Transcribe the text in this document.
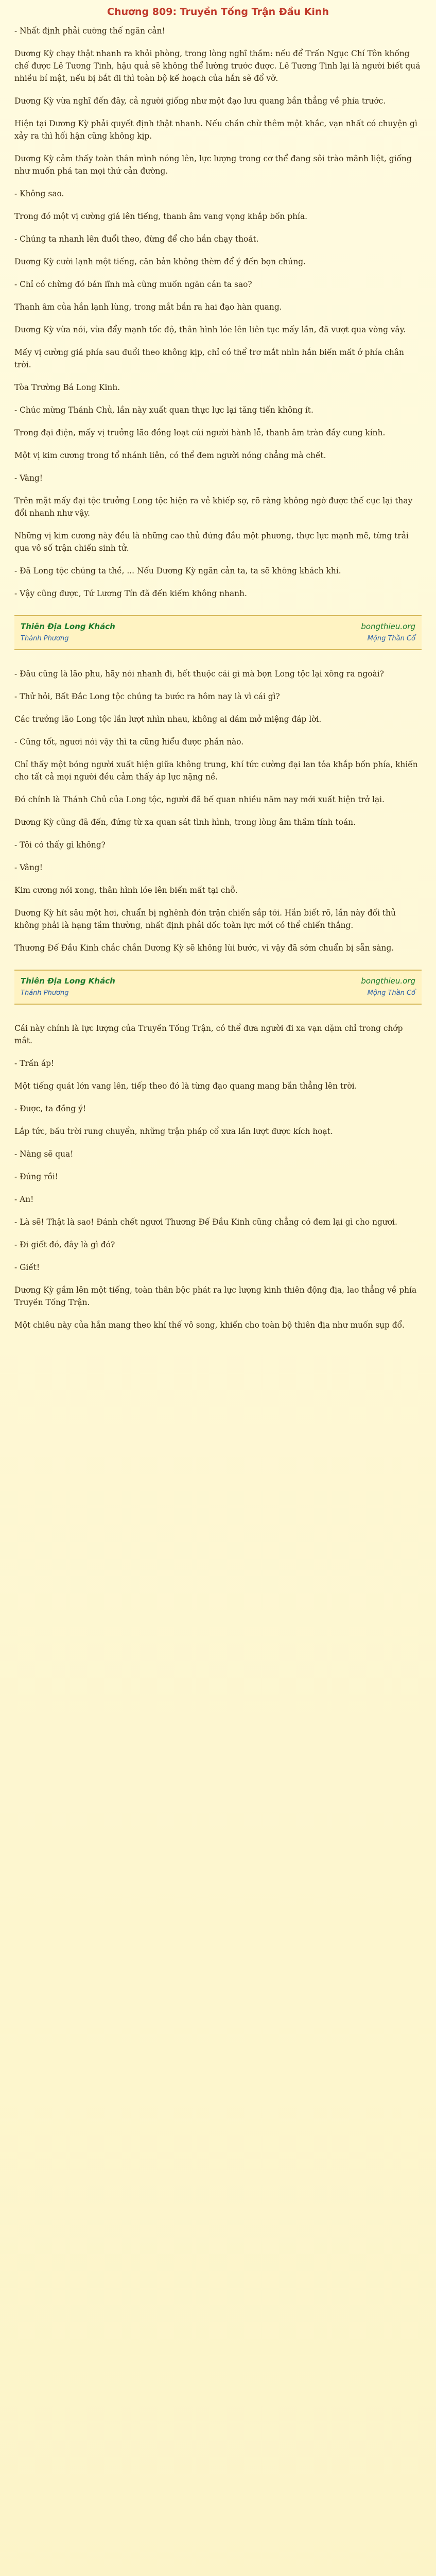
Chương 809: Truyền Tống Trận Đầu Kinh

- Nhất định phải cường thế ngăn cản!

Dương Kỳ chạy thật nhanh ra khỏi phòng, trong lòng nghĩ thầm: nếu để Trấn Ngục Chí Tôn khống chế được Lê Tương Tinh, hậu quả sẽ không thể lường trước được. Lê Tương Tinh lại là người biết quá nhiều bí mật, nếu bị bắt đi thì toàn bộ kế hoạch của hắn sẽ đổ vỡ.

Dương Kỳ vừa nghĩ đến đây, cả người giống như một đạo lưu quang bắn thẳng về phía trước.

Hiện tại Dương Kỳ phải quyết định thật nhanh. Nếu chần chừ thêm một khắc, vạn nhất có chuyện gì xảy ra thì hối hận cũng không kịp.

Dương Kỳ cảm thấy toàn thân mình nóng lên, lực lượng trong cơ thể đang sôi trào mãnh liệt, giống như muốn phá tan mọi thứ cản đường.

- Không sao.

Trong đó một vị cường giả lên tiếng, thanh âm vang vọng khắp bốn phía.

- Chúng ta nhanh lên đuổi theo, đừng để cho hắn chạy thoát.

Dương Kỳ cười lạnh một tiếng, căn bản không thèm để ý đến bọn chúng.

- Chỉ có chừng đó bản lĩnh mà cũng muốn ngăn cản ta sao?

Thanh âm của hắn lạnh lùng, trong mắt bắn ra hai đạo hàn quang.

Dương Kỳ vừa nói, vừa đẩy mạnh tốc độ, thân hình lóe lên liên tục mấy lần, đã vượt qua vòng vây.

Mấy vị cường giả phía sau đuổi theo không kịp, chỉ có thể trơ mắt nhìn hắn biến mất ở phía chân trời.

Tòa Trường Bá Long Kinh.

- Chúc mừng Thánh Chủ, lần này xuất quan thực lực lại tăng tiến không ít.

Trong đại điện, mấy vị trưởng lão đồng loạt cúi người hành lễ, thanh âm tràn đầy cung kính.

Một vị kim cương trong tổ nhánh liên, có thể đem người nóng chẳng mà chết.

- Vàng!

Trên mặt mấy đại tộc trưởng Long tộc hiện ra vẻ khiếp sợ, rõ ràng không ngờ được thế cục lại thay đổi nhanh như vậy.

Những vị kim cương này đều là những cao thủ đứng đầu một phương, thực lực mạnh mẽ, từng trải qua vô số trận chiến sinh tử.

- Đã Long tộc chúng ta thề, ... Nếu Dương Kỳ ngăn cản ta, ta sẽ không khách khí.

- Vậy cũng được, Tứ Lương Tín đã đến kiếm không nhanh.

Thiên Địa Long Khách	bongthieu.org
Thánh Phương	Mộng Thần Cổ

- Đâu cũng là lão phu, hãy nói nhanh đi, hết thuộc cái gì mà bọn Long tộc lại xông ra ngoài?

- Thử hỏi, Bất Đắc Long tộc chúng ta bước ra hôm nay là vì cái gì?

Các trưởng lão Long tộc lần lượt nhìn nhau, không ai dám mở miệng đáp lời.

- Cũng tốt, ngươi nói vậy thì ta cũng hiểu được phần nào.

Chỉ thấy một bóng người xuất hiện giữa không trung, khí tức cường đại lan tỏa khắp bốn phía, khiến cho tất cả mọi người đều cảm thấy áp lực nặng nề.

Đó chính là Thánh Chủ của Long tộc, người đã bế quan nhiều năm nay mới xuất hiện trở lại.

Dương Kỳ cũng đã đến, đứng từ xa quan sát tình hình, trong lòng âm thầm tính toán.

- Tôi có thấy gì không?

- Vâng!

Kim cương nói xong, thân hình lóe lên biến mất tại chỗ.

Dương Kỳ hít sâu một hơi, chuẩn bị nghênh đón trận chiến sắp tới. Hắn biết rõ, lần này đối thủ không phải là hạng tầm thường, nhất định phải dốc toàn lực mới có thể chiến thắng.

Thương Đế Đầu Kinh chắc chắn Dương Kỳ sẽ không lùi bước, vì vậy đã sớm chuẩn bị sẵn sàng.

Thiên Địa Long Khách	bongthieu.org
Thánh Phương	Mộng Thần Cổ

Cái này chính là lực lượng của Truyền Tống Trận, có thể đưa người đi xa vạn dặm chỉ trong chớp mắt.

- Trấn áp!

Một tiếng quát lớn vang lên, tiếp theo đó là từng đạo quang mang bắn thẳng lên trời.

- Được, ta đồng ý!

Lắp tức, bầu trời rung chuyển, những trận pháp cổ xưa lần lượt được kích hoạt.

- Nàng sẽ qua!

- Đúng rồi!

- An!

- Là sẽ! Thật là sao! Đánh chết ngươi Thương Đế Đầu Kinh cũng chẳng có đem lại gì cho ngươi.

- Đi giết đó, đây là gì đó?

- Giết!

Dương Kỳ gầm lên một tiếng, toàn thân bộc phát ra lực lượng kinh thiên động địa, lao thẳng về phía Truyền Tống Trận.

Một chiêu này của hắn mang theo khí thế vô song, khiến cho toàn bộ thiên địa như muốn sụp đổ.
